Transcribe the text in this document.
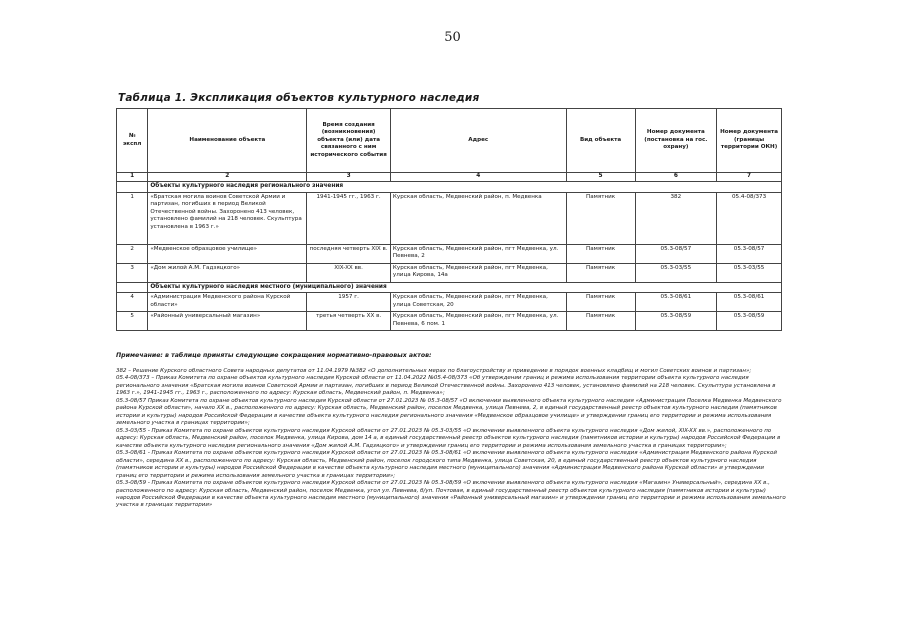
50
Таблица 1. Экспликация объектов культурного наследия
№ экспл	Наименование объекта	Время создания (возникновения) объекта (или) дата связанного с ним исторического события	Адрес	Вид объекта	Номер документа (постановка на гос. охрану)	Номер документа (границы территории ОКН)
1	2	3	4	5	6	7
	Объекты культурного наследия регионального значения					
1	«Братская могила воинов Советской Армии и партизан, погибших в период Великой Отечественной войны. Захоронено 413 человек, установлено фамилий на 218 человек. Скульптура установлена в 1963 г.»	1941-1945 гг., 1963 г.	Курская область, Медвенский район, п. Медвенка	Памятник	382	05.4-08/373
2	«Медвенское образцовое училище»	последняя четверть XIX в.	Курская область, Медвенский район, пгт Медвенка, ул. Певнева, 2	Памятник	05.3-08/57	05.3-08/57
3	«Дом жилой А.М. Гадзяцкого»	XIX-XX вв.	Курская область, Медвенский район, пгт Медвенка, улица Кирова, 14а	Памятник	05.3-03/55	05.3-03/55
	Объекты культурного наследия местного (муниципального) значения					
4	«Администрация Медвенского района Курской области»	1957 г.	Курская область, Медвенский район, пгт Медвенка, улица Советская, 20	Памятник	05.3-08/61	05.3-08/61
5	«Районный универсальный магазин»	третья четверть XX в.	Курская область, Медвенский район, пгт Медвенка, ул. Певнева, 6 пом. 1	Памятник	05.3-08/59	05.3-08/59
Примечание: в таблице приняты следующие сокращения нормативно-правовых актов:

382 – Решение Курского областного Совета народных депутатов от 11.04.1979 №382 «О дополнительных мерах по благоустройству и приведение в порядок военных кладбищ и могил Советских воинов и партизан»;

05.4-08/373 – Приказ Комитета по охране объектов культурного наследия Курской области от 11.04.2022 №05.4-08/373 «Об утверждении границ и режима использования территории объекта культурного наследия регионального значения «Братская могила воинов Советской Армии и партизан, погибших в период Великой Отечественной войны. Захоронено 413 человек, установлено фамилий на 218 человек. Скульптура установлена в 1963 г.», 1941-1945 гг., 1963 г., расположенного по адресу: Курская область, Медвенский район, п. Медвенка»;

05.3-08/57 Приказ Комитета по охране объектов культурного наследия Курской области от 27.01.2023 № 05.3-08/57 «О включении выявленного объекта культурного наследия «Администрация Поселка Медвенка Медвенского района Курской области», начало XX в., расположенного по адресу: Курская область, Медвенский район, поселок Медвенка, улица Певнева, 2, в единый государственный реестр объектов культурного наследия (памятников истории и культуры) народов Российской Федерации в качестве объекта культурного наследия регионального значения «Медвенское образцовое училище» и утверждении границ его территории и режима использования земельного участка в границах территории»;

05.3-03/55 - Приказ Комитета по охране объектов культурного наследия Курской области от 27.01.2023 № 05.3-03/55 «О включении выявленного объекта культурного наследия «Дом жилой, XIX-XX вв.», расположенного по адресу: Курская область, Медвенский район, поселок Медвенка, улица Кирова, дом 14 а, в единый государственный реестр объектов культурного наследия (памятников истории и культуры) народов Российской Федерации в качестве объекта культурного наследия регионального значения «Дом жилой А.М. Гадзяцкого» и утверждении границ его территории и режима использования земельного участка в границах территории»;

05.3-08/61 - Приказ Комитета по охране объектов культурного наследия Курской области от 27.01.2023 № 05.3-08/61 «О включении выявленного объекта культурного наследия «Администрация Медвенского района Курской области», середина XX в., расположенного по адресу: Курская область, Медвенский район, поселок городского типа Медвенка, улица Советская, 20, в единый государственный реестр объектов культурного наследия (памятников истории и культуры) народов Российской Федерации в качестве объекта культурного наследия местного (муниципального) значения «Администрация Медвенского района Курской области» и утверждении границ его территории и режима использования земельного участка в границах территории»;

05.3-08/59 - Приказ Комитета по охране объектов культурного наследия Курской области от 27.01.2023 № 05.3-08/59 «О включении выявленного объекта культурного наследия «Магазин» Универсальный», середина XX в., расположенного по адресу: Курская область, Медвенский район, поселок Медвенка, угол ул. Певнева, б/уп. Почтовая, в единый государственный реестр объектов культурного наследия (памятников истории и культуры) народов Российской Федерации в качестве объекта культурного наследия местного (муниципального) значения «Районный универсальный магазин» и утверждении границ его территории и режима использования земельного участка в границах территории»
